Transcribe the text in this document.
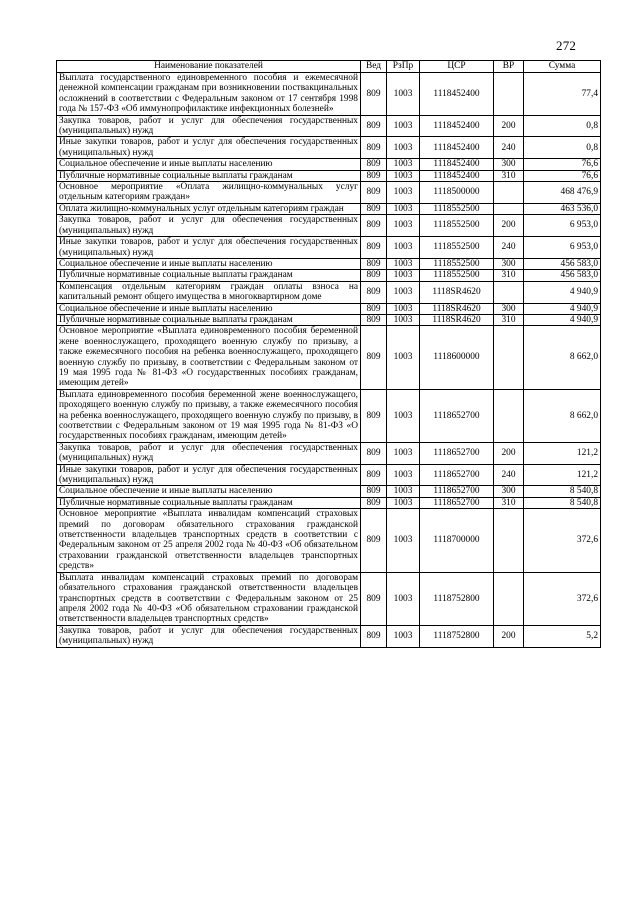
272
Наименование показателей	Вед	РзПр	ЦСР	ВР	Сумма
Выплата государственного единовременного пособия и ежемесячной денежной компенсации гражданам при возникновении поствакцинальных осложнений в соответствии с Федеральным законом от 17 сентября 1998 года № 157-ФЗ «Об иммунопрофилактике инфекционных болезней»	809	1003	1118452400		77,4
Закупка товаров, работ и услуг для обеспечения государственных (муниципальных) нужд	809	1003	1118452400	200	0,8
Иные закупки товаров, работ и услуг для обеспечения государственных (муниципальных) нужд	809	1003	1118452400	240	0,8
Социальное обеспечение и иные выплаты населению	809	1003	1118452400	300	76,6
Публичные нормативные социальные выплаты гражданам	809	1003	1118452400	310	76,6
Основное мероприятие «Оплата жилищно-коммунальных услуг отдельным категориям граждан»	809	1003	1118500000		468 476,9
Оплата жилищно-коммунальных услуг отдельным категориям граждан	809	1003	1118552500		463 536,0
Закупка товаров, работ и услуг для обеспечения государственных (муниципальных) нужд	809	1003	1118552500	200	6 953,0
Иные закупки товаров, работ и услуг для обеспечения государственных (муниципальных) нужд	809	1003	1118552500	240	6 953,0
Социальное обеспечение и иные выплаты населению	809	1003	1118552500	300	456 583,0
Публичные нормативные социальные выплаты гражданам	809	1003	1118552500	310	456 583,0
Компенсация отдельным категориям граждан оплаты взноса на капитальный ремонт общего имущества в многоквартирном доме	809	1003	1118SR4620		4 940,9
Социальное обеспечение и иные выплаты населению	809	1003	1118SR4620	300	4 940,9
Публичные нормативные социальные выплаты гражданам	809	1003	1118SR4620	310	4 940,9
Основное мероприятие «Выплата единовременного пособия беременной жене военнослужащего, проходящего военную службу по призыву, а также ежемесячного пособия на ребенка военнослужащего, проходящего военную службу по призыву, в соответствии с Федеральным законом от 19 мая 1995 года № 81-ФЗ «О государственных пособиях гражданам, имеющим детей»	809	1003	1118600000		8 662,0
Выплата единовременного пособия беременной жене военнослужащего, проходящего военную службу по призыву, а также ежемесячного пособия на ребенка военнослужащего, проходящего военную службу по призыву, в соответствии с Федеральным законом от 19 мая 1995 года № 81-ФЗ «О государственных пособиях гражданам, имеющим детей»	809	1003	1118652700		8 662,0
Закупка товаров, работ и услуг для обеспечения государственных (муниципальных) нужд	809	1003	1118652700	200	121,2
Иные закупки товаров, работ и услуг для обеспечения государственных (муниципальных) нужд	809	1003	1118652700	240	121,2
Социальное обеспечение и иные выплаты населению	809	1003	1118652700	300	8 540,8
Публичные нормативные социальные выплаты гражданам	809	1003	1118652700	310	8 540,8
Основное мероприятие «Выплата инвалидам компенсаций страховых премий по договорам обязательного страхования гражданской ответственности владельцев транспортных средств в соответствии с Федеральным законом от 25 апреля 2002 года № 40-ФЗ «Об обязательном страховании гражданской ответственности владельцев транспортных средств»	809	1003	1118700000		372,6
Выплата инвалидам компенсаций страховых премий по договорам обязательного страхования гражданской ответственности владельцев транспортных средств в соответствии с Федеральным законом от 25 апреля 2002 года № 40-ФЗ «Об обязательном страховании гражданской ответственности владельцев транспортных средств»	809	1003	1118752800		372,6
Закупка товаров, работ и услуг для обеспечения государственных (муниципальных) нужд	809	1003	1118752800	200	5,2
